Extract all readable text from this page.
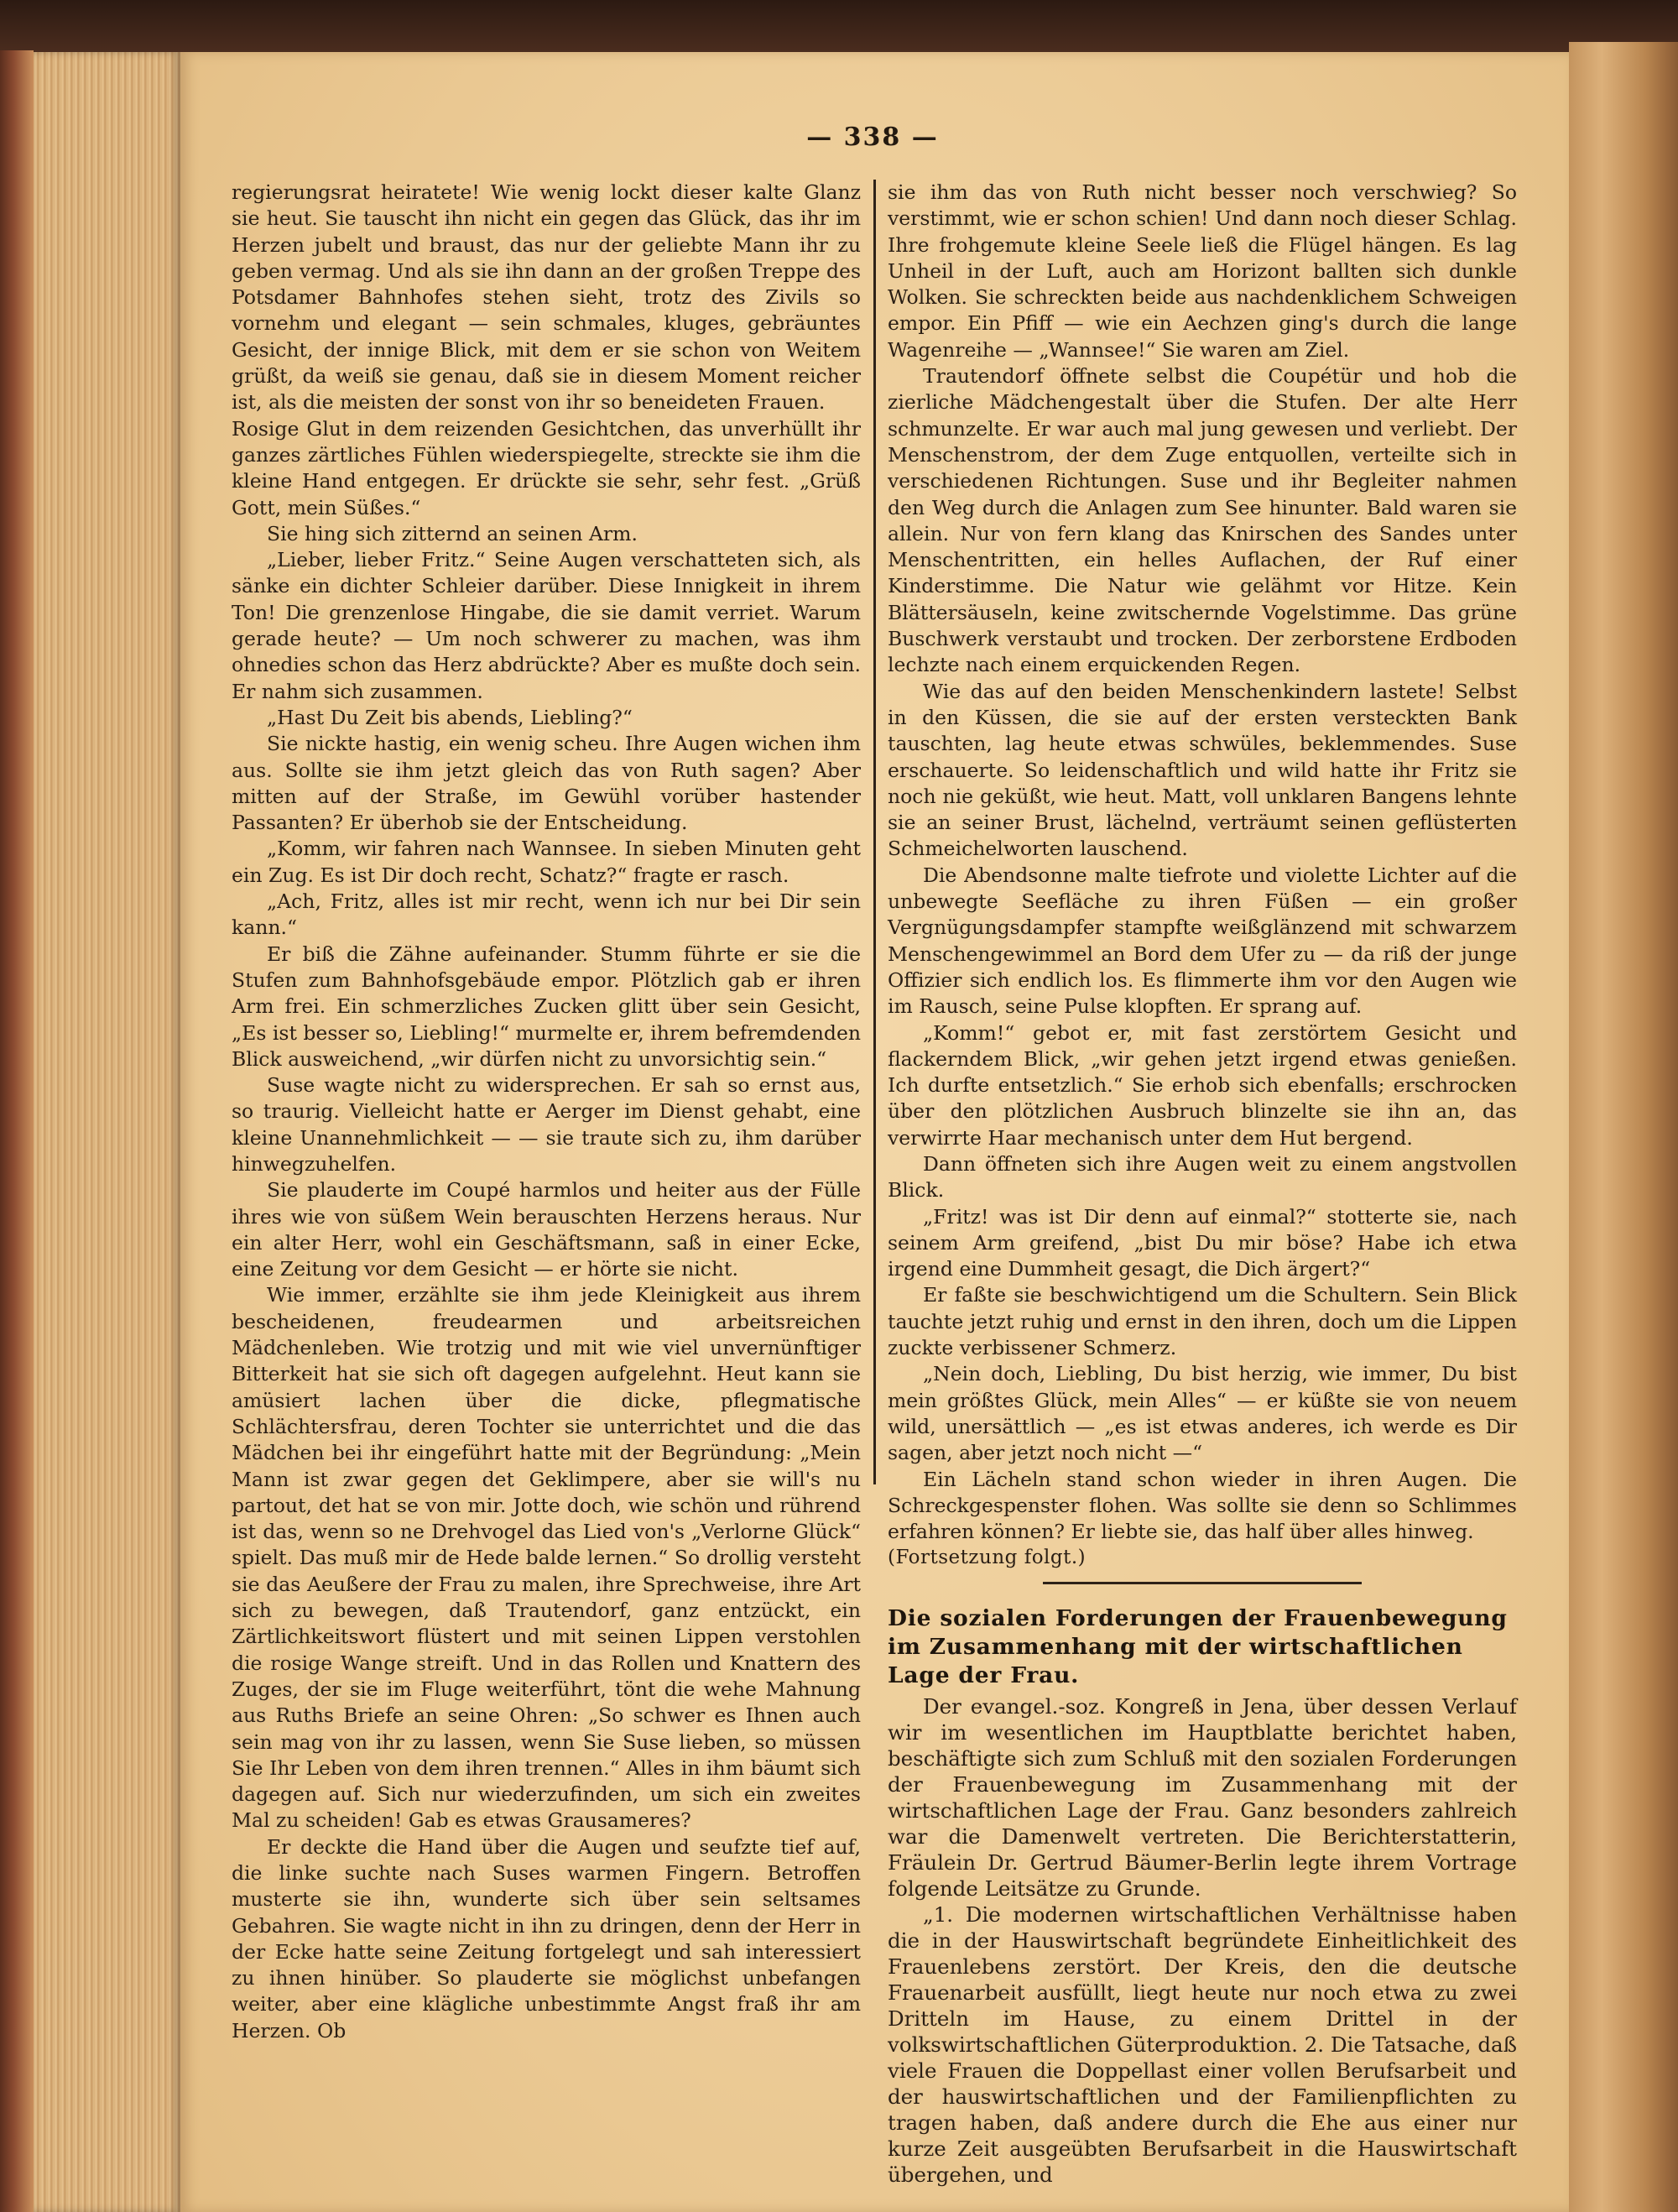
— 338 —

regierungsrat heiratete! Wie wenig lockt dieser kalte Glanz sie heut. Sie tauscht ihn nicht ein gegen das Glück, das ihr im Herzen jubelt und braust, das nur der geliebte Mann ihr zu geben vermag. Und als sie ihn dann an der großen Treppe des Potsdamer Bahnhofes stehen sieht, trotz des Zivils so vornehm und elegant — sein schmales, kluges, gebräuntes Gesicht, der innige Blick, mit dem er sie schon von Weitem grüßt, da weiß sie genau, daß sie in diesem Moment reicher ist, als die meisten der sonst von ihr so beneideten Frauen.

Rosige Glut in dem reizenden Gesichtchen, das unverhüllt ihr ganzes zärtliches Fühlen wiederspiegelte, streckte sie ihm die kleine Hand entgegen. Er drückte sie sehr, sehr fest. „Grüß Gott, mein Süßes.“

Sie hing sich zitternd an seinen Arm.

„Lieber, lieber Fritz.“ Seine Augen verschatteten sich, als sänke ein dichter Schleier darüber. Diese Innigkeit in ihrem Ton! Die grenzenlose Hingabe, die sie damit verriet. Warum gerade heute? — Um noch schwerer zu machen, was ihm ohnedies schon das Herz abdrückte? Aber es mußte doch sein. Er nahm sich zusammen.

„Hast Du Zeit bis abends, Liebling?“

Sie nickte hastig, ein wenig scheu. Ihre Augen wichen ihm aus. Sollte sie ihm jetzt gleich das von Ruth sagen? Aber mitten auf der Straße, im Gewühl vorüber hastender Passanten? Er überhob sie der Entscheidung.

„Komm, wir fahren nach Wannsee. In sieben Minuten geht ein Zug. Es ist Dir doch recht, Schatz?“ fragte er rasch.

„Ach, Fritz, alles ist mir recht, wenn ich nur bei Dir sein kann.“

Er biß die Zähne aufeinander. Stumm führte er sie die Stufen zum Bahnhofsgebäude empor. Plötzlich gab er ihren Arm frei. Ein schmerzliches Zucken glitt über sein Gesicht, „Es ist besser so, Liebling!“ murmelte er, ihrem befremdenden Blick ausweichend, „wir dürfen nicht zu unvorsichtig sein.“

Suse wagte nicht zu widersprechen. Er sah so ernst aus, so traurig. Vielleicht hatte er Aerger im Dienst gehabt, eine kleine Unannehmlichkeit — — sie traute sich zu, ihm darüber hinwegzuhelfen.

Sie plauderte im Coupé harmlos und heiter aus der Fülle ihres wie von süßem Wein berauschten Herzens heraus. Nur ein alter Herr, wohl ein Geschäftsmann, saß in einer Ecke, eine Zeitung vor dem Gesicht — er hörte sie nicht.

Wie immer, erzählte sie ihm jede Kleinigkeit aus ihrem bescheidenen, freudearmen und arbeitsreichen Mädchenleben. Wie trotzig und mit wie viel unvernünftiger Bitterkeit hat sie sich oft dagegen aufgelehnt. Heut kann sie amüsiert lachen über die dicke, pflegmatische Schlächtersfrau, deren Tochter sie unterrichtet und die das Mädchen bei ihr eingeführt hatte mit der Begründung: „Mein Mann ist zwar gegen det Geklimpere, aber sie will's nu partout, det hat se von mir. Jotte doch, wie schön und rührend ist das, wenn so ne Drehvogel das Lied von's „Verlorne Glück“ spielt. Das muß mir de Hede balde lernen.“ So drollig versteht sie das Aeußere der Frau zu malen, ihre Sprechweise, ihre Art sich zu bewegen, daß Trautendorf, ganz entzückt, ein Zärtlichkeitswort flüstert und mit seinen Lippen verstohlen die rosige Wange streift. Und in das Rollen und Knattern des Zuges, der sie im Fluge weiterführt, tönt die wehe Mahnung aus Ruths Briefe an seine Ohren: „So schwer es Ihnen auch sein mag von ihr zu lassen, wenn Sie Suse lieben, so müssen Sie Ihr Leben von dem ihren trennen.“ Alles in ihm bäumt sich dagegen auf. Sich nur wiederzufinden, um sich ein zweites Mal zu scheiden! Gab es etwas Grausameres?

Er deckte die Hand über die Augen und seufzte tief auf, die linke suchte nach Suses warmen Fingern. Betroffen musterte sie ihn, wunderte sich über sein seltsames Gebahren. Sie wagte nicht in ihn zu dringen, denn der Herr in der Ecke hatte seine Zeitung fortgelegt und sah interessiert zu ihnen hinüber. So plauderte sie möglichst unbefangen weiter, aber eine klägliche unbestimmte Angst fraß ihr am Herzen. Ob

sie ihm das von Ruth nicht besser noch verschwieg? So verstimmt, wie er schon schien! Und dann noch dieser Schlag. Ihre frohgemute kleine Seele ließ die Flügel hängen. Es lag Unheil in der Luft, auch am Horizont ballten sich dunkle Wolken. Sie schreckten beide aus nachdenklichem Schweigen empor. Ein Pfiff — wie ein Aechzen ging's durch die lange Wagenreihe — „Wannsee!“ Sie waren am Ziel.

Trautendorf öffnete selbst die Coupétür und hob die zierliche Mädchengestalt über die Stufen. Der alte Herr schmunzelte. Er war auch mal jung gewesen und verliebt. Der Menschenstrom, der dem Zuge entquollen, verteilte sich in verschiedenen Richtungen. Suse und ihr Begleiter nahmen den Weg durch die Anlagen zum See hinunter. Bald waren sie allein. Nur von fern klang das Knirschen des Sandes unter Menschentritten, ein helles Auflachen, der Ruf einer Kinderstimme. Die Natur wie gelähmt vor Hitze. Kein Blättersäuseln, keine zwitschernde Vogelstimme. Das grüne Buschwerk verstaubt und trocken. Der zerborstene Erdboden lechzte nach einem erquickenden Regen.

Wie das auf den beiden Menschenkindern lastete! Selbst in den Küssen, die sie auf der ersten versteckten Bank tauschten, lag heute etwas schwüles, beklemmendes. Suse erschauerte. So leidenschaftlich und wild hatte ihr Fritz sie noch nie geküßt, wie heut. Matt, voll unklaren Bangens lehnte sie an seiner Brust, lächelnd, verträumt seinen geflüsterten Schmeichelworten lauschend.

Die Abendsonne malte tiefrote und violette Lichter auf die unbewegte Seefläche zu ihren Füßen — ein großer Vergnügungsdampfer stampfte weißglänzend mit schwarzem Menschengewimmel an Bord dem Ufer zu — da riß der junge Offizier sich endlich los. Es flimmerte ihm vor den Augen wie im Rausch, seine Pulse klopften. Er sprang auf.

„Komm!“ gebot er, mit fast zerstörtem Gesicht und flackerndem Blick, „wir gehen jetzt irgend etwas genießen. Ich durfte entsetzlich.“ Sie erhob sich ebenfalls; erschrocken über den plötzlichen Ausbruch blinzelte sie ihn an, das verwirrte Haar mechanisch unter dem Hut bergend.

Dann öffneten sich ihre Augen weit zu einem angstvollen Blick.

„Fritz! was ist Dir denn auf einmal?“ stotterte sie, nach seinem Arm greifend, „bist Du mir böse? Habe ich etwa irgend eine Dummheit gesagt, die Dich ärgert?“

Er faßte sie beschwichtigend um die Schultern. Sein Blick tauchte jetzt ruhig und ernst in den ihren, doch um die Lippen zuckte verbissener Schmerz.

„Nein doch, Liebling, Du bist herzig, wie immer, Du bist mein größtes Glück, mein Alles“ — er küßte sie von neuem wild, unersättlich — „es ist etwas anderes, ich werde es Dir sagen, aber jetzt noch nicht —“

Ein Lächeln stand schon wieder in ihren Augen. Die Schreckgespenster flohen. Was sollte sie denn so Schlimmes erfahren können? Er liebte sie, das half über alles hinweg.

(Fortsetzung folgt.)

Die sozialen Forderungen der Frauenbewegung im Zusammenhang mit der wirtschaftlichen Lage der Frau.

Der evangel.-soz. Kongreß in Jena, über dessen Verlauf wir im wesentlichen im Hauptblatte berichtet haben, beschäftigte sich zum Schluß mit den sozialen Forderungen der Frauenbewegung im Zusammenhang mit der wirtschaftlichen Lage der Frau. Ganz besonders zahlreich war die Damenwelt vertreten. Die Berichterstatterin, Fräulein Dr. Gertrud Bäumer-Berlin legte ihrem Vortrage folgende Leitsätze zu Grunde.

„1. Die modernen wirtschaftlichen Verhältnisse haben die in der Hauswirtschaft begründete Einheitlichkeit des Frauenlebens zerstört. Der Kreis, den die deutsche Frauenarbeit ausfüllt, liegt heute nur noch etwa zu zwei Dritteln im Hause, zu einem Drittel in der volkswirtschaftlichen Güterproduktion. 2. Die Tatsache, daß viele Frauen die Doppellast einer vollen Berufsarbeit und der hauswirtschaftlichen und der Familienpflichten zu tragen haben, daß andere durch die Ehe aus einer nur kurze Zeit ausgeübten Berufsarbeit in die Hauswirtschaft übergehen, und
